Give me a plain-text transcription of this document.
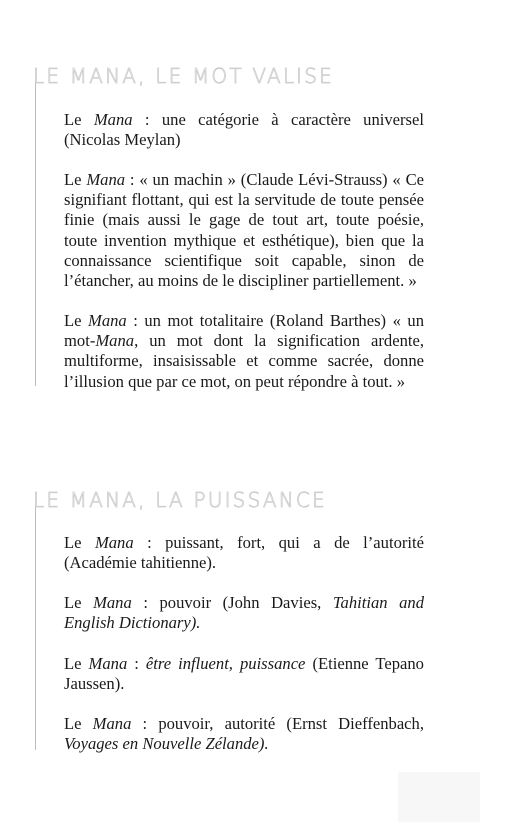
LE MANA, LE MOT VALISE

Le Mana : une catégorie à caractère universel (Nicolas Meylan)

Le Mana : « un machin » (Claude Lévi-Strauss) « Ce signifiant flottant, qui est la servitude de toute pensée finie (mais aussi le gage de tout art, toute poésie, toute invention mythique et esthétique), bien que la connaissance scientifique soit capable, sinon de l’étancher, au moins de le discipliner partiellement. »

Le Mana : un mot totalitaire (Roland Barthes) « un mot-Mana, un mot dont la signification ardente, multiforme, insaisissable et comme sacrée, donne l’illusion que par ce mot, on peut répondre à tout. »

LE MANA, LA PUISSANCE

Le Mana : puissant, fort, qui a de l’autorité (Académie tahitienne).

Le Mana : pouvoir (John Davies, Tahitian and English Dictionary).

Le Mana : être influent, puissance (Etienne Tepano Jaussen).

Le Mana : pouvoir, autorité (Ernst Dieffenbach, Voyages en Nouvelle Zélande).
